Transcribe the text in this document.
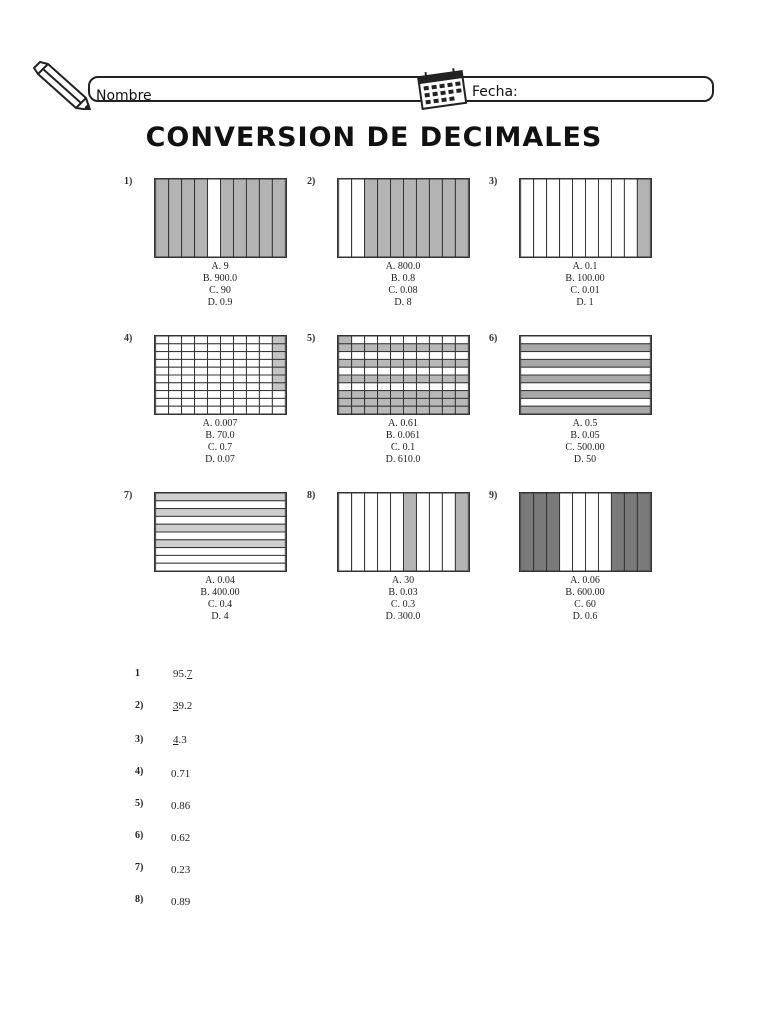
Nombre	Fecha:
CONVERSION DE DECIMALES
1)
A. 9
B. 900.0
C. 90
D. 0.9
2)
A. 800.0
B. 0.8
C. 0.08
D. 8
3)
A. 0.1
B. 100.00
C. 0.01
D. 1
4)
A. 0.007
B. 70.0
C. 0.7
D. 0.07
5)
A. 0.61
B. 0.061
C. 0.1
D. 610.0
6)
A. 0.5
B. 0.05
C. 500.00
D. 50
7)
A. 0.04
B. 400.00
C. 0.4
D. 4
8)
A. 30
B. 0.03
C. 0.3
D. 300.0
9)
A. 0.06
B. 600.00
C. 60
D. 0.6
1	95.7
2)	39.2
3)	4.3
4)	0.71
5)	0.86
6)	0.62
7)	0.23
8)	0.89
